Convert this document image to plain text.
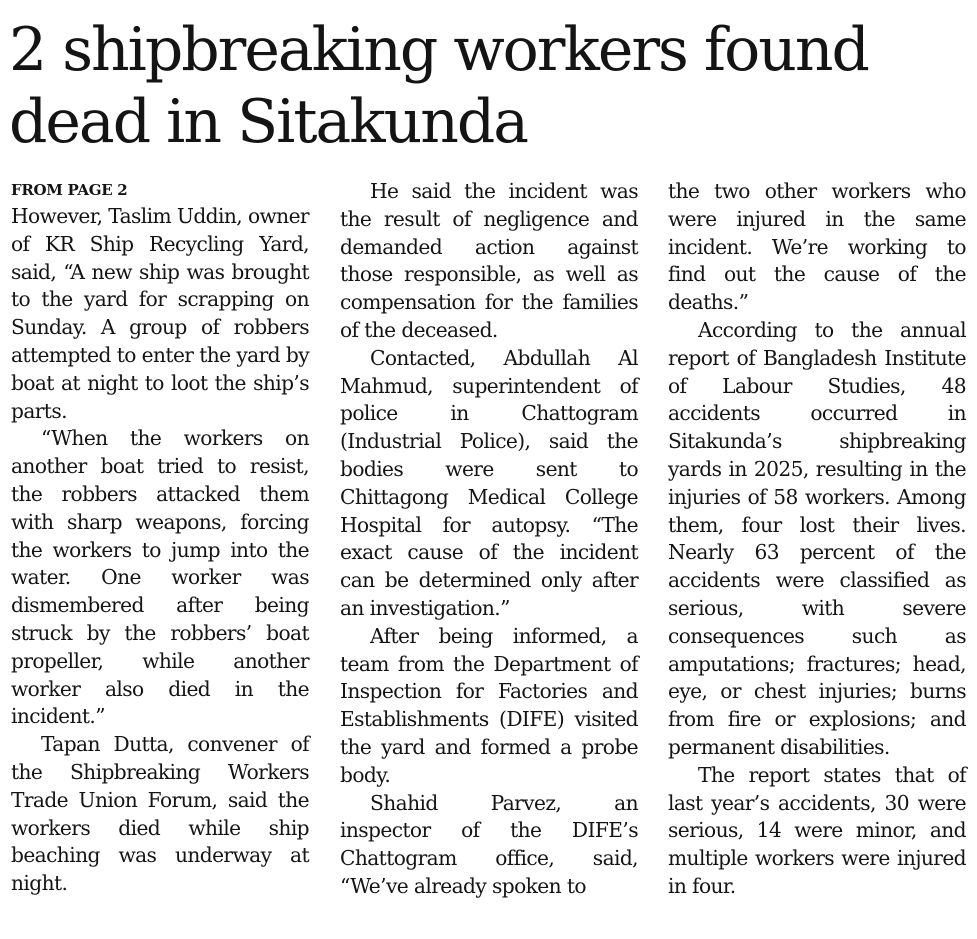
2 shipbreaking workers found dead in Sitakunda
FROM PAGE 2

However, Taslim Uddin, owner of KR Ship Recycling Yard, said, “A new ship was brought to the yard for scrapping on Sunday. A group of robbers attempted to enter the yard by boat at night to loot the ship’s parts.

“When the workers on another boat tried to resist, the robbers attacked them with sharp weapons, forcing the workers to jump into the water. One worker was dismembered after being struck by the robbers’ boat propeller, while another worker also died in the incident.”

Tapan Dutta, convener of the Shipbreaking Workers Trade Union Forum, said the workers died while ship beaching was underway at night.

He said the incident was the result of negligence and demanded action against those responsible, as well as compensation for the families of the deceased.

Contacted, Abdullah Al Mahmud, superintendent of police in Chattogram (Industrial Police), said the bodies were sent to Chittagong Medical College Hospital for autopsy. “The exact cause of the incident can be determined only after an investigation.”

After being informed, a team from the Department of Inspection for Factories and Establishments (DIFE) visited the yard and formed a probe body.

Shahid Parvez, an inspector of the DIFE’s Chattogram office, said, “We’ve already spoken to

the two other workers who were injured in the same incident. We’re working to find out the cause of the deaths.”

According to the annual report of Bangladesh Institute of Labour Studies, 48 accidents occurred in Sitakunda’s shipbreaking yards in 2025, resulting in the injuries of 58 workers. Among them, four lost their lives. Nearly 63 percent of the accidents were classified as serious, with severe consequences such as amputations; fractures; head, eye, or chest injuries; burns from fire or explosions; and permanent disabilities.

The report states that of last year’s accidents, 30 were serious, 14 were minor, and multiple workers were injured in four.
